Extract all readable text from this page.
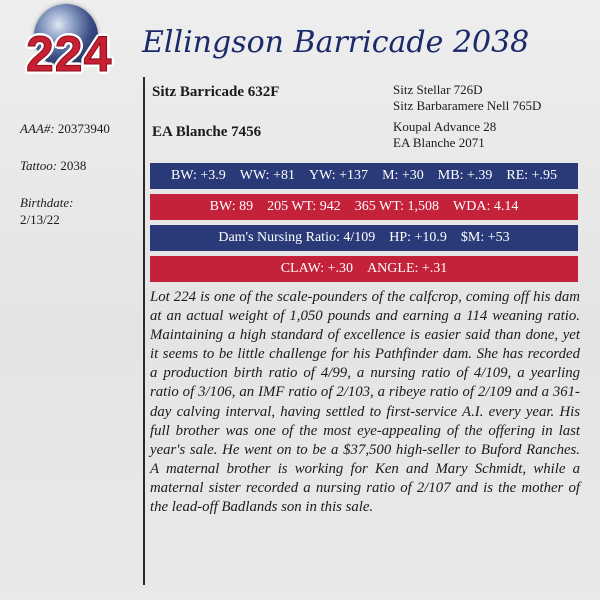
224 Ellingson Barricade 2038
AAA#: 20373940
Tattoo: 2038
Birthdate:
2/13/22
Sitz Barricade 632F	Sitz Stellar 726D
Sitz Barbaramere Nell 765D
EA Blanche 7456	Koupal Advance 28
EA Blanche 2071
BW: +3.9 WW: +81 YW: +137 M: +30 MB: +.39 RE: +.95
BW: 89 205 WT: 942 365 WT: 1,508 WDA: 4.14
Dam's Nursing Ratio: 4/109 HP: +10.9 $M: +53
CLAW: +.30 ANGLE: +.31
Lot 224 is one of the scale-pounders of the calfcrop, coming off his dam at an actual weight of 1,050 pounds and earning a 114 weaning ratio. Maintaining a high standard of excellence is easier said than done, yet it seems to be little challenge for his Pathfinder dam. She has recorded a production birth ratio of 4/99, a nursing ratio of 4/109, a yearling ratio of 3/106, an IMF ratio of 2/103, a ribeye ratio of 2/109 and a 361-day calving interval, having settled to first-service A.I. every year. His full brother was one of the most eye-appealing of the offering in last year's sale. He went on to be a $37,500 high-seller to Buford Ranches. A maternal brother is working for Ken and Mary Schmidt, while a maternal sister recorded a nursing ratio of 2/107 and is the mother of the lead-off Badlands son in this sale.
